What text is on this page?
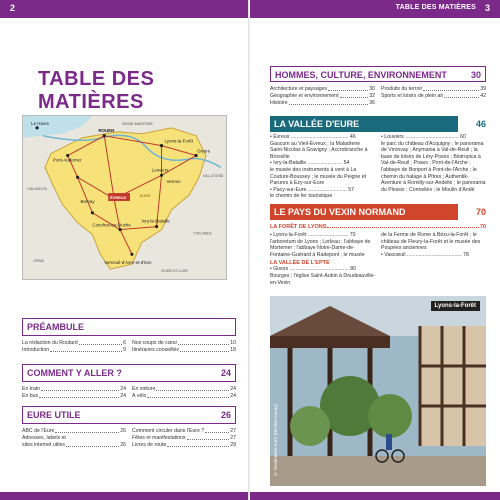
2
TABLE DES MATIÈRES
Le Havre	SEINE-MARITIME
ROUEN
Lyons-la-Forêt
Gisors
Pont-Audemer
Louviers
Vernon
CALVADOS
Bernay
EURE
ÉVREUX
Conches-en-Ouche
Ivry-la-Bataille
Verneuil-d'Avre-et-d'Iton
ORNE
YVELINES
EURE-ET-LOIR
VAL-D'OISE
PRÉAMBULE
La rédaction du Routard	6
Introduction	9
Nos coups de cœur	10
Itinéraires conseillés	18
COMMENT Y ALLER ?	24
En train	24
En bus	24
En voiture	24
À vélo	24
EURE UTILE	26
ABC de l'Eure	26
Adresses, labels et
sites internet utiles	26
Comment circuler dans l'Eure ?	27
Fêtes et manifestations	27
Livres de route	29
TABLE DES MATIÈRES 3
HOMMES, CULTURE, ENVIRONNEMENT	30
Architecture et paysages	30
Géographie et environnement	32
Histoire	36
Produits du terroir	39
Sports et loisirs de plein air	42
LA VALLÉE D'EURE	46
• Évreux ........................................ 46
Gaucum au Vieil-Évreux ; la Maladrerie Saint-Nicolas à Gravigny ; Accrobranche à Brosville
• Ivry-la-Bataille ........................ 54
le musée des instruments à vent à La Couture-Boussey ; le musée du Peigne et Parures à Ezy-sur-Eure
• Pacy-sur-Eure ........................... 57
le chemin de fer touristique
• Louviers ..................................... 60
le parc du château d'Acquigny ; le panorama de Vironvay ; Anymania à Val-de-Reuil ; la base de loisirs de Léry-Poses ; Biotropica à Val-de-Reuil ; Poses ; Pont-de-l'Arche ; l'abbaye de Bonport à Pont-de-l'Arche ; le chemin du halage à Pîtres ; Authentik-Aventure à Romilly-sur-Andelle ; le panorama du Plessis ; Connelles ; le Moulin d'Andé
LE PAYS DU VEXIN NORMAND	70
LA FORÊT DE LYONS	70
• Lyons-la-Forêt ............................ 70
l'arboretum de Lyons ; Lorleau ; l'abbaye de Mortemer ; l'abbaye Notre-Dame-de-Fontaine-Guérard à Radepont ; le musée
de la Ferme de Rome à Bézu-la-Forêt ; le château de Fleury-la-Forêt et le musée des Poupées anciennes
• Vascœuil ...................................... 78
LA VALLÉE DE L'EPTE
• Gisors ......................................... 80
Bourges ; l'église Saint-Aubin à Doudeauville-en-Vexin
Lyons-la-Forêt
© Destination Eure (Nicolas Aunay)
